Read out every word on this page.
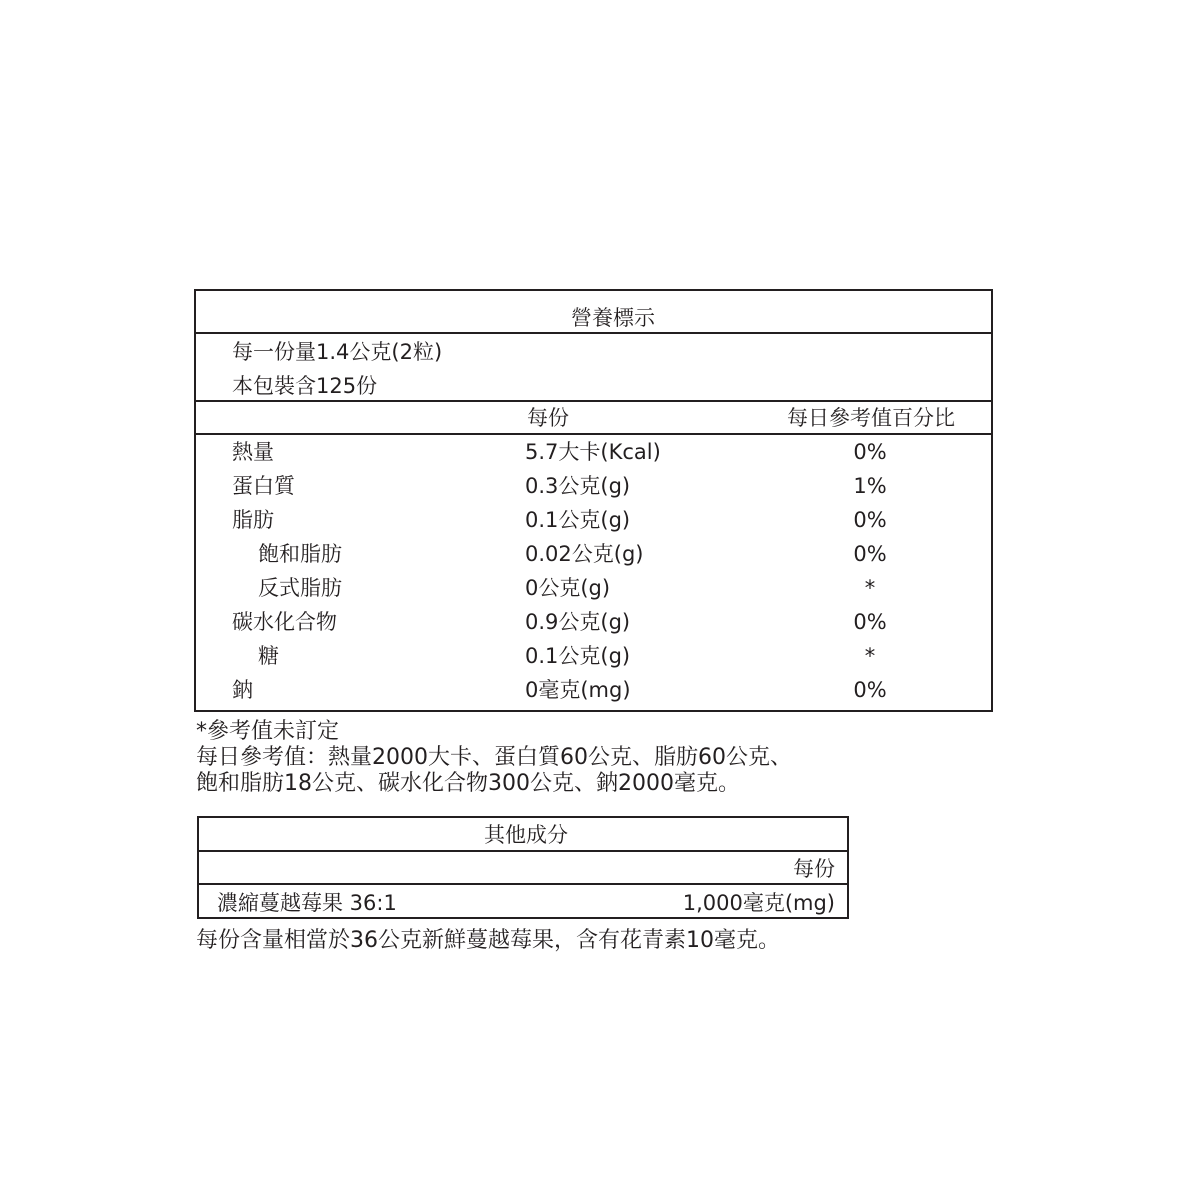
營養標示
每一份量1.4公克(2粒)
本包裝含125份
每份	每日參考值百分比
熱量	5.7大卡(Kcal)	0%
蛋白質	0.3公克(g)	1%
脂肪	0.1公克(g)	0%
飽和脂肪	0.02公克(g)	0%
反式脂肪	0公克(g)	*
碳水化合物	0.9公克(g)	0%
糖	0.1公克(g)	*
鈉	0毫克(mg)	0%
*參考值未訂定
每日參考值：熱量2000大卡、蛋白質60公克、脂肪60公克、
飽和脂肪18公克、碳水化合物300公克、鈉2000毫克。
其他成分
每份
濃縮蔓越莓果 36:1	1,000毫克(mg)
每份含量相當於36公克新鮮蔓越莓果，含有花青素10毫克。
